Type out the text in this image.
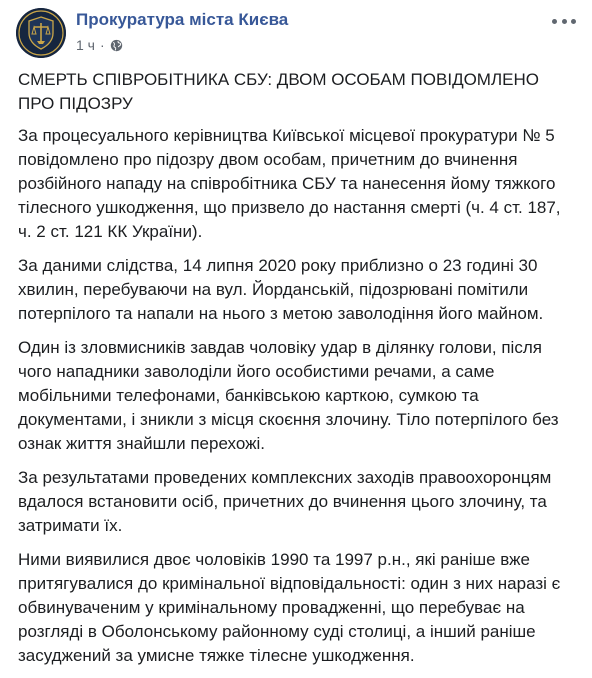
Прокуратура міста Києва
1 ч ·

СМЕРТЬ СПІВРОБІТНИКА СБУ: ДВОМ ОСОБАМ ПОВІДОМЛЕНО ПРО ПІДОЗРУ

За процесуального керівництва Київської місцевої прокуратури № 5 повідомлено про підозру двом особам, причетним до вчинення розбійного нападу на співробітника СБУ та нанесення йому тяжкого тілесного ушкодження, що призвело до настання смерті (ч. 4 ст. 187, ч. 2 ст. 121 КК України).

За даними слідства, 14 липня 2020 року приблизно о 23 годині 30 хвилин, перебуваючи на вул. Йорданській, підозрювані помітили потерпілого та напали на нього з метою заволодіння його майном.

Один із зловмисників завдав чоловіку удар в ділянку голови, після чого нападники заволоділи його особистими речами, а саме мобільними телефонами, банківською карткою, сумкою та документами, і зникли з місця скоєння злочину. Тіло потерпілого без ознак життя знайшли перехожі.

За результатами проведених комплексних заходів правоохоронцям вдалося встановити осіб, причетних до вчинення цього злочину, та затримати їх.

Ними виявилися двоє чоловіків 1990 та 1997 р.н., які раніше вже притягувалися до кримінальної відповідальності: один з них наразі є обвинуваченим у кримінальному провадженні, що перебуває на розгляді в Оболонському районному суді столиці, а інший раніше засуджений за умисне тяжке тілесне ушкодження.
